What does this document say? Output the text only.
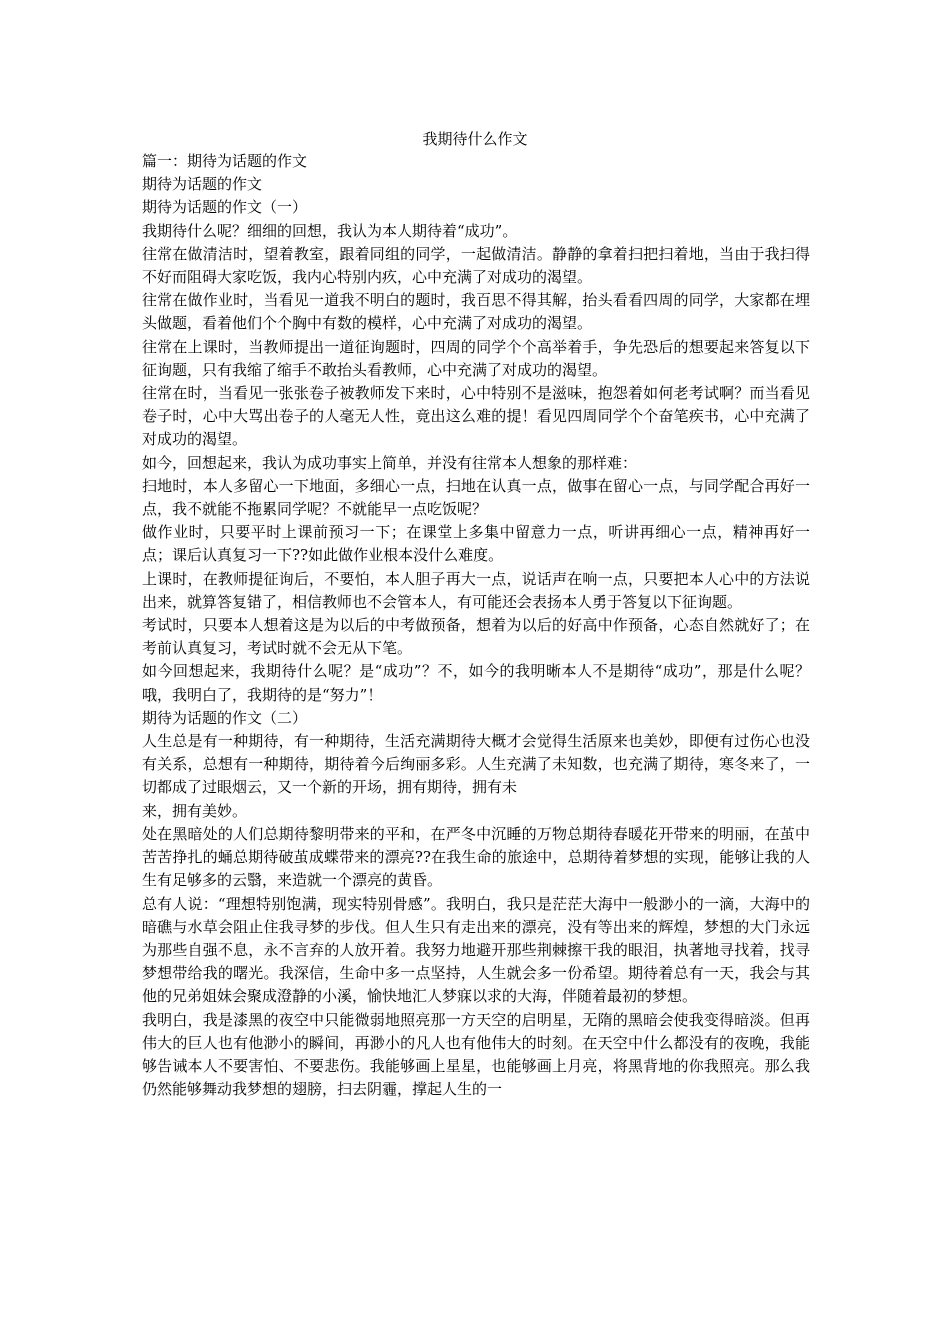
我期待什么作文

篇一：期待为话题的作文

期待为话题的作文

期待为话题的作文（一）

我期待什么呢？细细的回想，我认为本人期待着“成功”。

往常在做清洁时，望着教室，跟着同组的同学，一起做清洁。静静的拿着扫把扫着地，当由于我扫得不好而阻碍大家吃饭，我内心特别内疚，心中充满了对成功的渴望。

往常在做作业时，当看见一道我不明白的题时，我百思不得其解，抬头看看四周的同学，大家都在埋头做题，看着他们个个胸中有数的模样，心中充满了对成功的渴望。

往常在上课时，当教师提出一道征询题时，四周的同学个个高举着手，争先恐后的想要起来答复以下征询题，只有我缩了缩手不敢抬头看教师，心中充满了对成功的渴望。

往常在时，当看见一张张卷子被教师发下来时，心中特别不是滋味，抱怨着如何老考试啊？而当看见卷子时，心中大骂出卷子的人毫无人性，竟出这么难的提！看见四周同学个个奋笔疾书，心中充满了对成功的渴望。

如今，回想起来，我认为成功事实上简单，并没有往常本人想象的那样难：

扫地时，本人多留心一下地面，多细心一点，扫地在认真一点，做事在留心一点，与同学配合再好一点，我不就能不拖累同学呢？不就能早一点吃饭呢？

做作业时，只要平时上课前预习一下；在课堂上多集中留意力一点，听讲再细心一点，精神再好一点；课后认真复习一下??如此做作业根本没什么难度。

上课时，在教师提征询后，不要怕，本人胆子再大一点，说话声在响一点，只要把本人心中的方法说出来，就算答复错了，相信教师也不会管本人，有可能还会表扬本人勇于答复以下征询题。

考试时，只要本人想着这是为以后的中考做预备，想着为以后的好高中作预备，心态自然就好了；在考前认真复习，考试时就不会无从下笔。

如今回想起来，我期待什么呢？是“成功”？不，如今的我明晰本人不是期待“成功”，那是什么呢？哦，我明白了，我期待的是“努力”！

期待为话题的作文（二）

人生总是有一种期待，有一种期待，生活充满期待大概才会觉得生活原来也美妙，即便有过伤心也没有关系，总想有一种期待，期待着今后绚丽多彩。人生充满了未知数，也充满了期待，寒冬来了，一切都成了过眼烟云，又一个新的开场，拥有期待，拥有未

来，拥有美妙。

处在黑暗处的人们总期待黎明带来的平和，在严冬中沉睡的万物总期待春暖花开带来的明丽，在茧中苦苦挣扎的蛹总期待破茧成蝶带来的漂亮??在我生命的旅途中，总期待着梦想的实现，能够让我的人生有足够多的云翳，来造就一个漂亮的黄昏。

总有人说：“理想特别饱满，现实特别骨感”。我明白，我只是茫茫大海中一般渺小的一滴，大海中的暗礁与水草会阻止住我寻梦的步伐。但人生只有走出来的漂亮，没有等出来的辉煌，梦想的大门永远为那些自强不息，永不言弃的人放开着。我努力地避开那些荆棘擦干我的眼泪，执著地寻找着，找寻梦想带给我的曙光。我深信，生命中多一点坚持，人生就会多一份希望。期待着总有一天，我会与其他的兄弟姐妹会聚成澄静的小溪，愉快地汇人梦寐以求的大海，伴随着最初的梦想。

我明白，我是漆黑的夜空中只能微弱地照亮那一方天空的启明星，无隋的黑暗会使我变得暗淡。但再伟大的巨人也有他渺小的瞬间，再渺小的凡人也有他伟大的时刻。在天空中什么都没有的夜晚，我能够告诫本人不要害怕、不要悲伤。我能够画上星星，也能够画上月亮，将黑背地的你我照亮。那么我仍然能够舞动我梦想的翅膀，扫去阴霾，撑起人生的一
